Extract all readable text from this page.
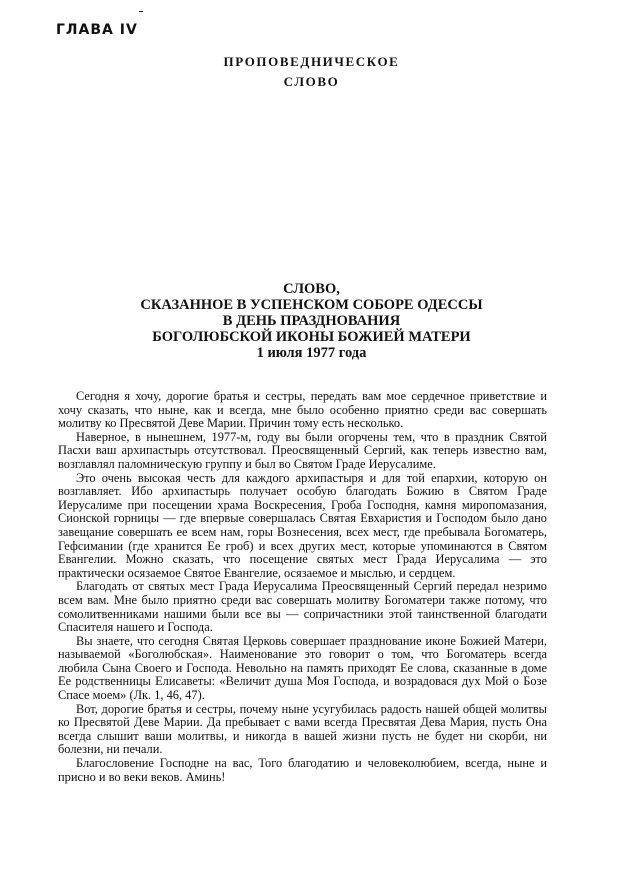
ГЛАВА IV
ПРОПОВЕДНИЧЕСКОЕ
СЛОВО
СЛОВО,
СКАЗАННОЕ В УСПЕНСКОМ СОБОРЕ ОДЕССЫ
В ДЕНЬ ПРАЗДНОВАНИЯ
БОГОЛЮБСКОЙ ИКОНЫ БОЖИЕЙ МАТЕРИ
1 июля 1977 года

Сегодня я хочу, дорогие братья и сестры, передать вам мое сердечное приветствие и хочу сказать, что ныне, как и всегда, мне было особенно приятно среди вас совершать молитву ко Пресвятой Деве Марии. Причин тому есть несколько.

Наверное, в нынешнем, 1977-м, году вы были огорчены тем, что в праздник Святой Пасхи ваш архипастырь отсутствовал. Преосвященный Сергий, как теперь известно вам, возглавлял паломническую группу и был во Святом Граде Иерусалиме.

Это очень высокая честь для каждого архипастыря и для той епархии, которую он возглавляет. Ибо архипастырь получает особую благодать Божию в Святом Граде Иерусалиме при посещении храма Воскресения, Гроба Господня, камня миропомазания, Сионской горницы — где впервые совершалась Святая Евхаристия и Господом было дано завещание совершать ее всем нам, горы Вознесения, всех мест, где пребывала Богоматерь, Гефсимании (где хранится Ее гроб) и всех других мест, которые упоминаются в Святом Евангелии. Можно сказать, что посещение святых мест Града Иерусалима — это практически осязаемое Святое Евангелие, осязаемое и мыслью, и сердцем.

Благодать от святых мест Града Иерусалима Преосвященный Сергий передал незримо всем вам. Мне было приятно среди вас совершать молитву Богоматери также потому, что сомолитвенниками нашими были все вы — сопричастники этой таинственной благодати Спасителя нашего и Господа.

Вы знаете, что сегодня Святая Церковь совершает празднование иконе Божией Матери, называемой «Боголюбская». Наименование это говорит о том, что Богоматерь всегда любила Сына Своего и Господа. Невольно на память приходят Ее слова, сказанные в доме Ее родственницы Елисаветы: «Величит душа Моя Господа, и возрадовася дух Мой о Бозе Спасе моем» (Лк. 1, 46, 47).

Вот, дорогие братья и сестры, почему ныне усугубилась радость нашей общей молитвы ко Пресвятой Деве Марии. Да пребывает с вами всегда Пресвятая Дева Мария, пусть Она всегда слышит ваши молитвы, и никогда в вашей жизни пусть не будет ни скорби, ни болезни, ни печали.

Благословение Господне на вас, Того благодатию и человеколюбием, всегда, ныне и присно и во веки веков. Аминь!
